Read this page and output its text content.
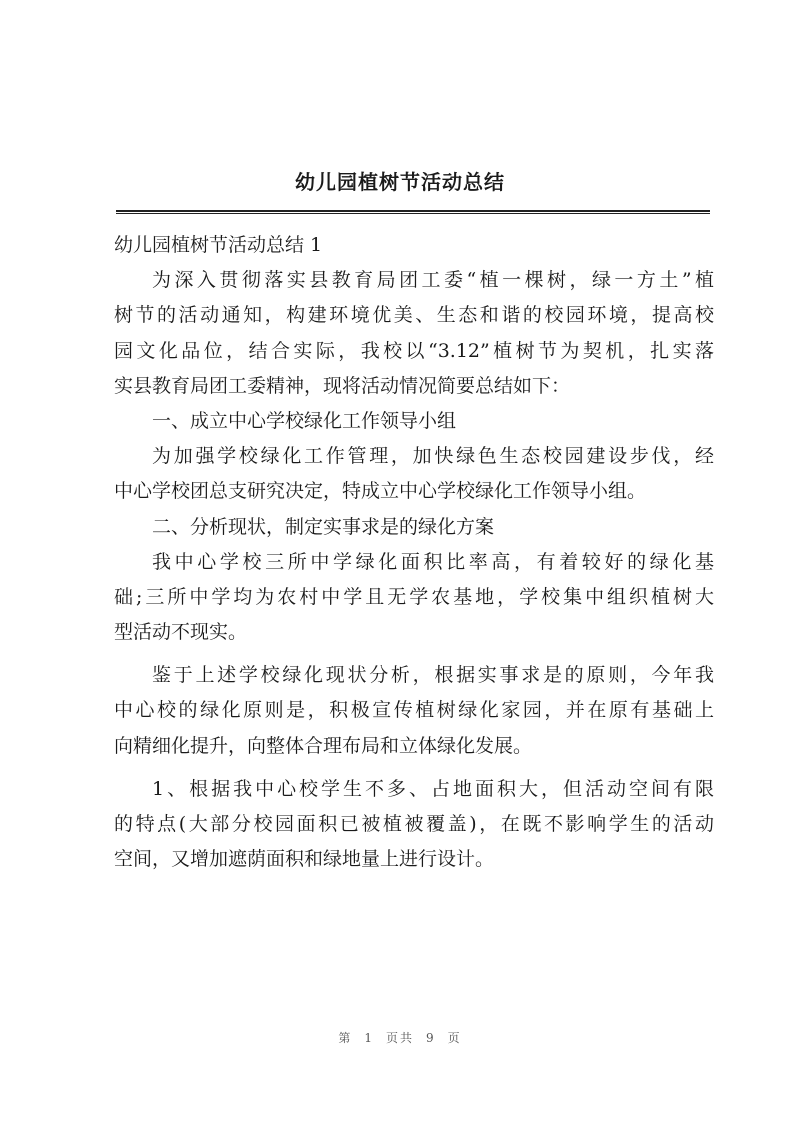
幼儿园植树节活动总结
幼儿园植树节活动总结 1
为深入贯彻落实县教育局团工委“植一棵树，绿一方土”植
树节的活动通知，构建环境优美、生态和谐的校园环境，提高校
园文化品位，结合实际，我校以“3.12”植树节为契机，扎实落
实县教育局团工委精神，现将活动情况简要总结如下：
一、成立中心学校绿化工作领导小组
为加强学校绿化工作管理，加快绿色生态校园建设步伐，经
中心学校团总支研究决定，特成立中心学校绿化工作领导小组。
二、分析现状，制定实事求是的绿化方案
我中心学校三所中学绿化面积比率高，有着较好的绿化基
础;三所中学均为农村中学且无学农基地，学校集中组织植树大
型活动不现实。
鉴于上述学校绿化现状分析，根据实事求是的原则，今年我
中心校的绿化原则是，积极宣传植树绿化家园，并在原有基础上
向精细化提升，向整体合理布局和立体绿化发展。
1、根据我中心校学生不多、占地面积大，但活动空间有限
的特点(大部分校园面积已被植被覆盖)，在既不影响学生的活动
空间，又增加遮荫面积和绿地量上进行设计。
第 1 页共 9 页
